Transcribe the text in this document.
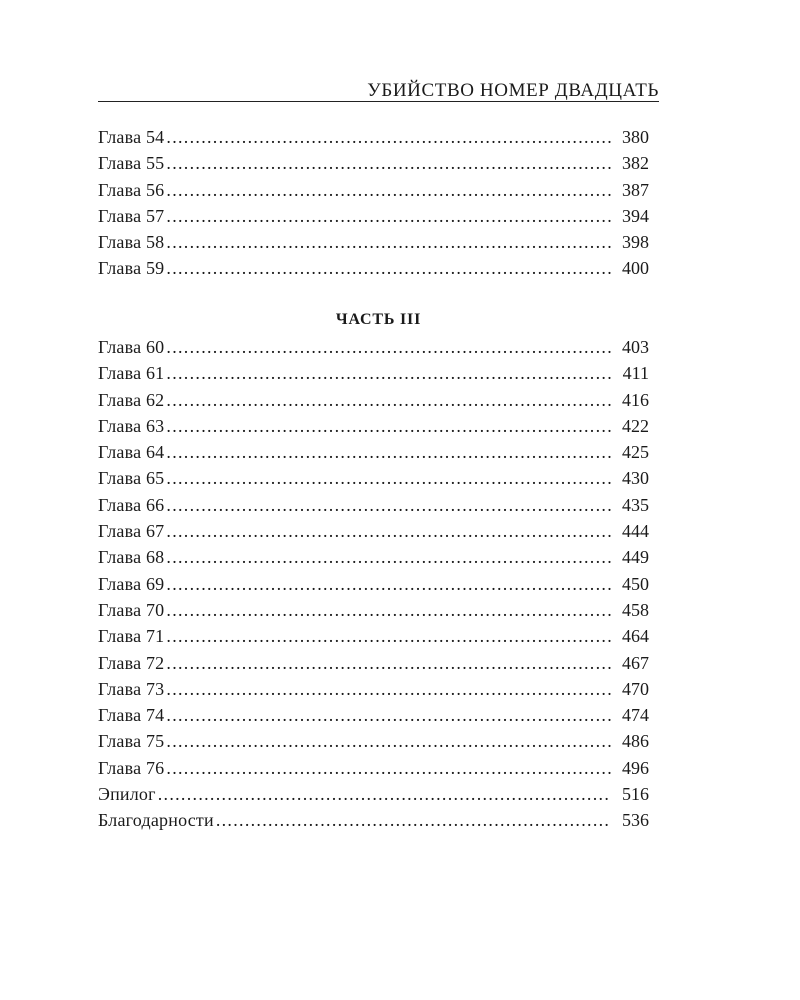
УБИЙСТВО НОМЕР ДВАДЦАТЬ
Глава 54 . . .	380
Глава 55 . . .	382
Глава 56 . . .	387
Глава 57 . . .	394
Глава 58 . . .	398
Глава 59 . . .	400
ЧАСТЬ III
Глава 60 . . .	403
Глава 61 . . .	411
Глава 62 . . .	416
Глава 63 . . .	422
Глава 64 . . .	425
Глава 65 . . .	430
Глава 66 . . .	435
Глава 67 . . .	444
Глава 68 . . .	449
Глава 69 . . .	450
Глава 70 . . .	458
Глава 71 . . .	464
Глава 72 . . .	467
Глава 73 . . .	470
Глава 74 . . .	474
Глава 75 . . .	486
Глава 76 . . .	496
Эпилог . . .	516
Благодарности . . .	536
